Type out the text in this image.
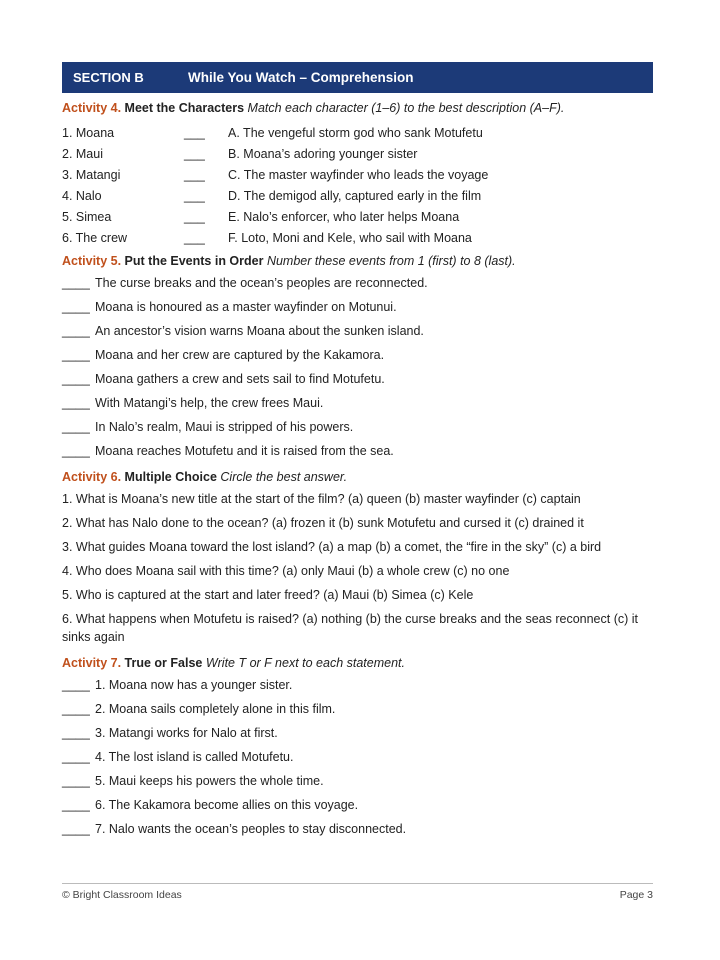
SECTION B	While You Watch – Comprehension

Activity 4. Meet the Characters Match each character (1–6) to the best description (A–F).

1. Moana	___	A. The vengeful storm god who sank Motufetu
2. Maui	___	B. Moana’s adoring younger sister
3. Matangi	___	C. The master wayfinder who leads the voyage
4. Nalo	___	D. The demigod ally, captured early in the film
5. Simea	___	E. Nalo’s enforcer, who later helps Moana
6. The crew	___	F. Loto, Moni and Kele, who sail with Moana

Activity 5. Put the Events in Order Number these events from 1 (first) to 8 (last).

____ The curse breaks and the ocean’s peoples are reconnected.
____ Moana is honoured as a master wayfinder on Motunui.
____ An ancestor’s vision warns Moana about the sunken island.
____ Moana and her crew are captured by the Kakamora.
____ Moana gathers a crew and sets sail to find Motufetu.
____ With Matangi’s help, the crew frees Maui.
____ In Nalo’s realm, Maui is stripped of his powers.
____ Moana reaches Motufetu and it is raised from the sea.

Activity 6. Multiple Choice Circle the best answer.

1. What is Moana’s new title at the start of the film? (a) queen (b) master wayfinder (c) captain

2. What has Nalo done to the ocean? (a) frozen it (b) sunk Motufetu and cursed it (c) drained it

3. What guides Moana toward the lost island? (a) a map (b) a comet, the “fire in the sky” (c) a bird

4. Who does Moana sail with this time? (a) only Maui (b) a whole crew (c) no one

5. Who is captured at the start and later freed? (a) Maui (b) Simea (c) Kele

6. What happens when Motufetu is raised? (a) nothing (b) the curse breaks and the seas reconnect (c) it sinks again

Activity 7. True or False Write T or F next to each statement.

____ 1. Moana now has a younger sister.
____ 2. Moana sails completely alone in this film.
____ 3. Matangi works for Nalo at first.
____ 4. The lost island is called Motufetu.
____ 5. Maui keeps his powers the whole time.
____ 6. The Kakamora become allies on this voyage.
____ 7. Nalo wants the ocean’s peoples to stay disconnected.
© Bright Classroom Ideas	Page 3
